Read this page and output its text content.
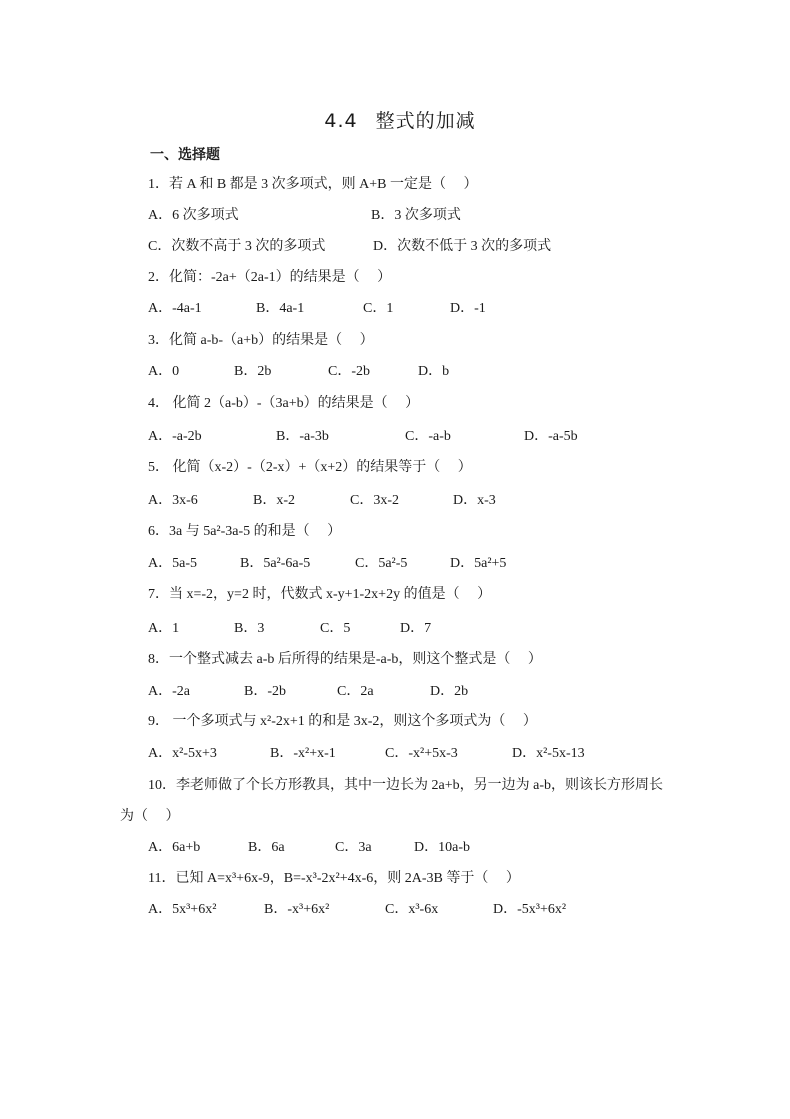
4.4 整式的加减
一、选择题
1．若 A 和 B 都是 3 次多项式，则 A+B 一定是（　 ）
A．6 次多项式	B．3 次多项式
C．次数不高于 3 次的多项式	D．次数不低于 3 次的多项式
2．化简：-2a+（2a-1）的结果是（　 ）
A．-4a-1	B．4a-1	C．1	D．-1
3．化简 a-b-（a+b）的结果是（　 ）
A．0	B．2b	C．-2b	D．b
4． 化简 2（a-b）-（3a+b）的结果是（　 ）
A．-a-2b	B．-a-3b	C．-a-b	D．-a-5b
5． 化简（x-2）-（2-x）+（x+2）的结果等于（　 ）
A．3x-6	B．x-2	C．3x-2	D．x-3
6．3a 与 5a²-3a-5 的和是（　 ）
A．5a-5	B．5a²-6a-5	C．5a²-5	D．5a²+5
7．当 x=-2，y=2 时，代数式 x-y+1-2x+2y 的值是（　 ）
A．1	B．3	C．5	D．7
8．一个整式减去 a-b 后所得的结果是-a-b，则这个整式是（　 ）
A．-2a	B．-2b	C．2a	D．2b
9． 一个多项式与 x²-2x+1 的和是 3x-2，则这个多项式为（　 ）
A．x²-5x+3	B．-x²+x-1	C．-x²+5x-3	D．x²-5x-13
10．李老师做了个长方形教具，其中一边长为 2a+b，另一边为 a-b，则该长方形周长
为（　 ）
A．6a+b	B．6a	C．3a	D．10a-b
11．已知 A=x³+6x-9，B=-x³-2x²+4x-6，则 2A-3B 等于（　 ）
A．5x³+6x²	B．-x³+6x²	C．x³-6x	D．-5x³+6x²
